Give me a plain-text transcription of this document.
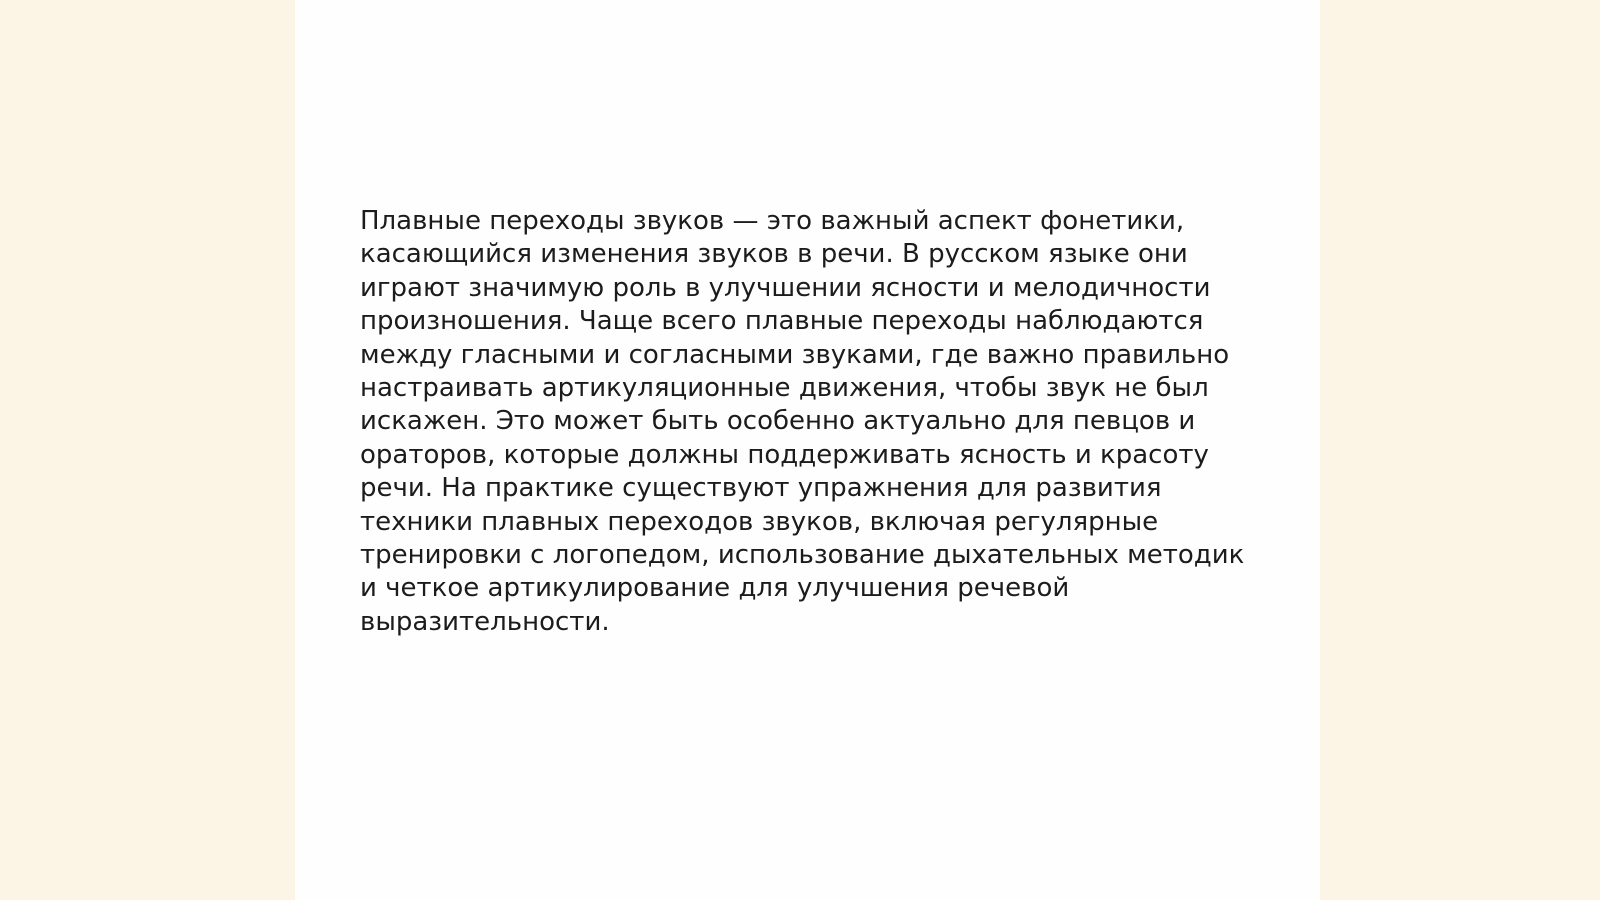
Плавные переходы звуков — это важный аспект фонетики,
касающийся изменения звуков в речи. В русском языке они
играют значимую роль в улучшении ясности и мелодичности
произношения. Чаще всего плавные переходы наблюдаются
между гласными и согласными звуками, где важно правильно
настраивать артикуляционные движения, чтобы звук не был
искажен. Это может быть особенно актуально для певцов и
ораторов, которые должны поддерживать ясность и красоту
речи. На практике существуют упражнения для развития
техники плавных переходов звуков, включая регулярные
тренировки с логопедом, использование дыхательных методик
и четкое артикулирование для улучшения речевой
выразительности.
